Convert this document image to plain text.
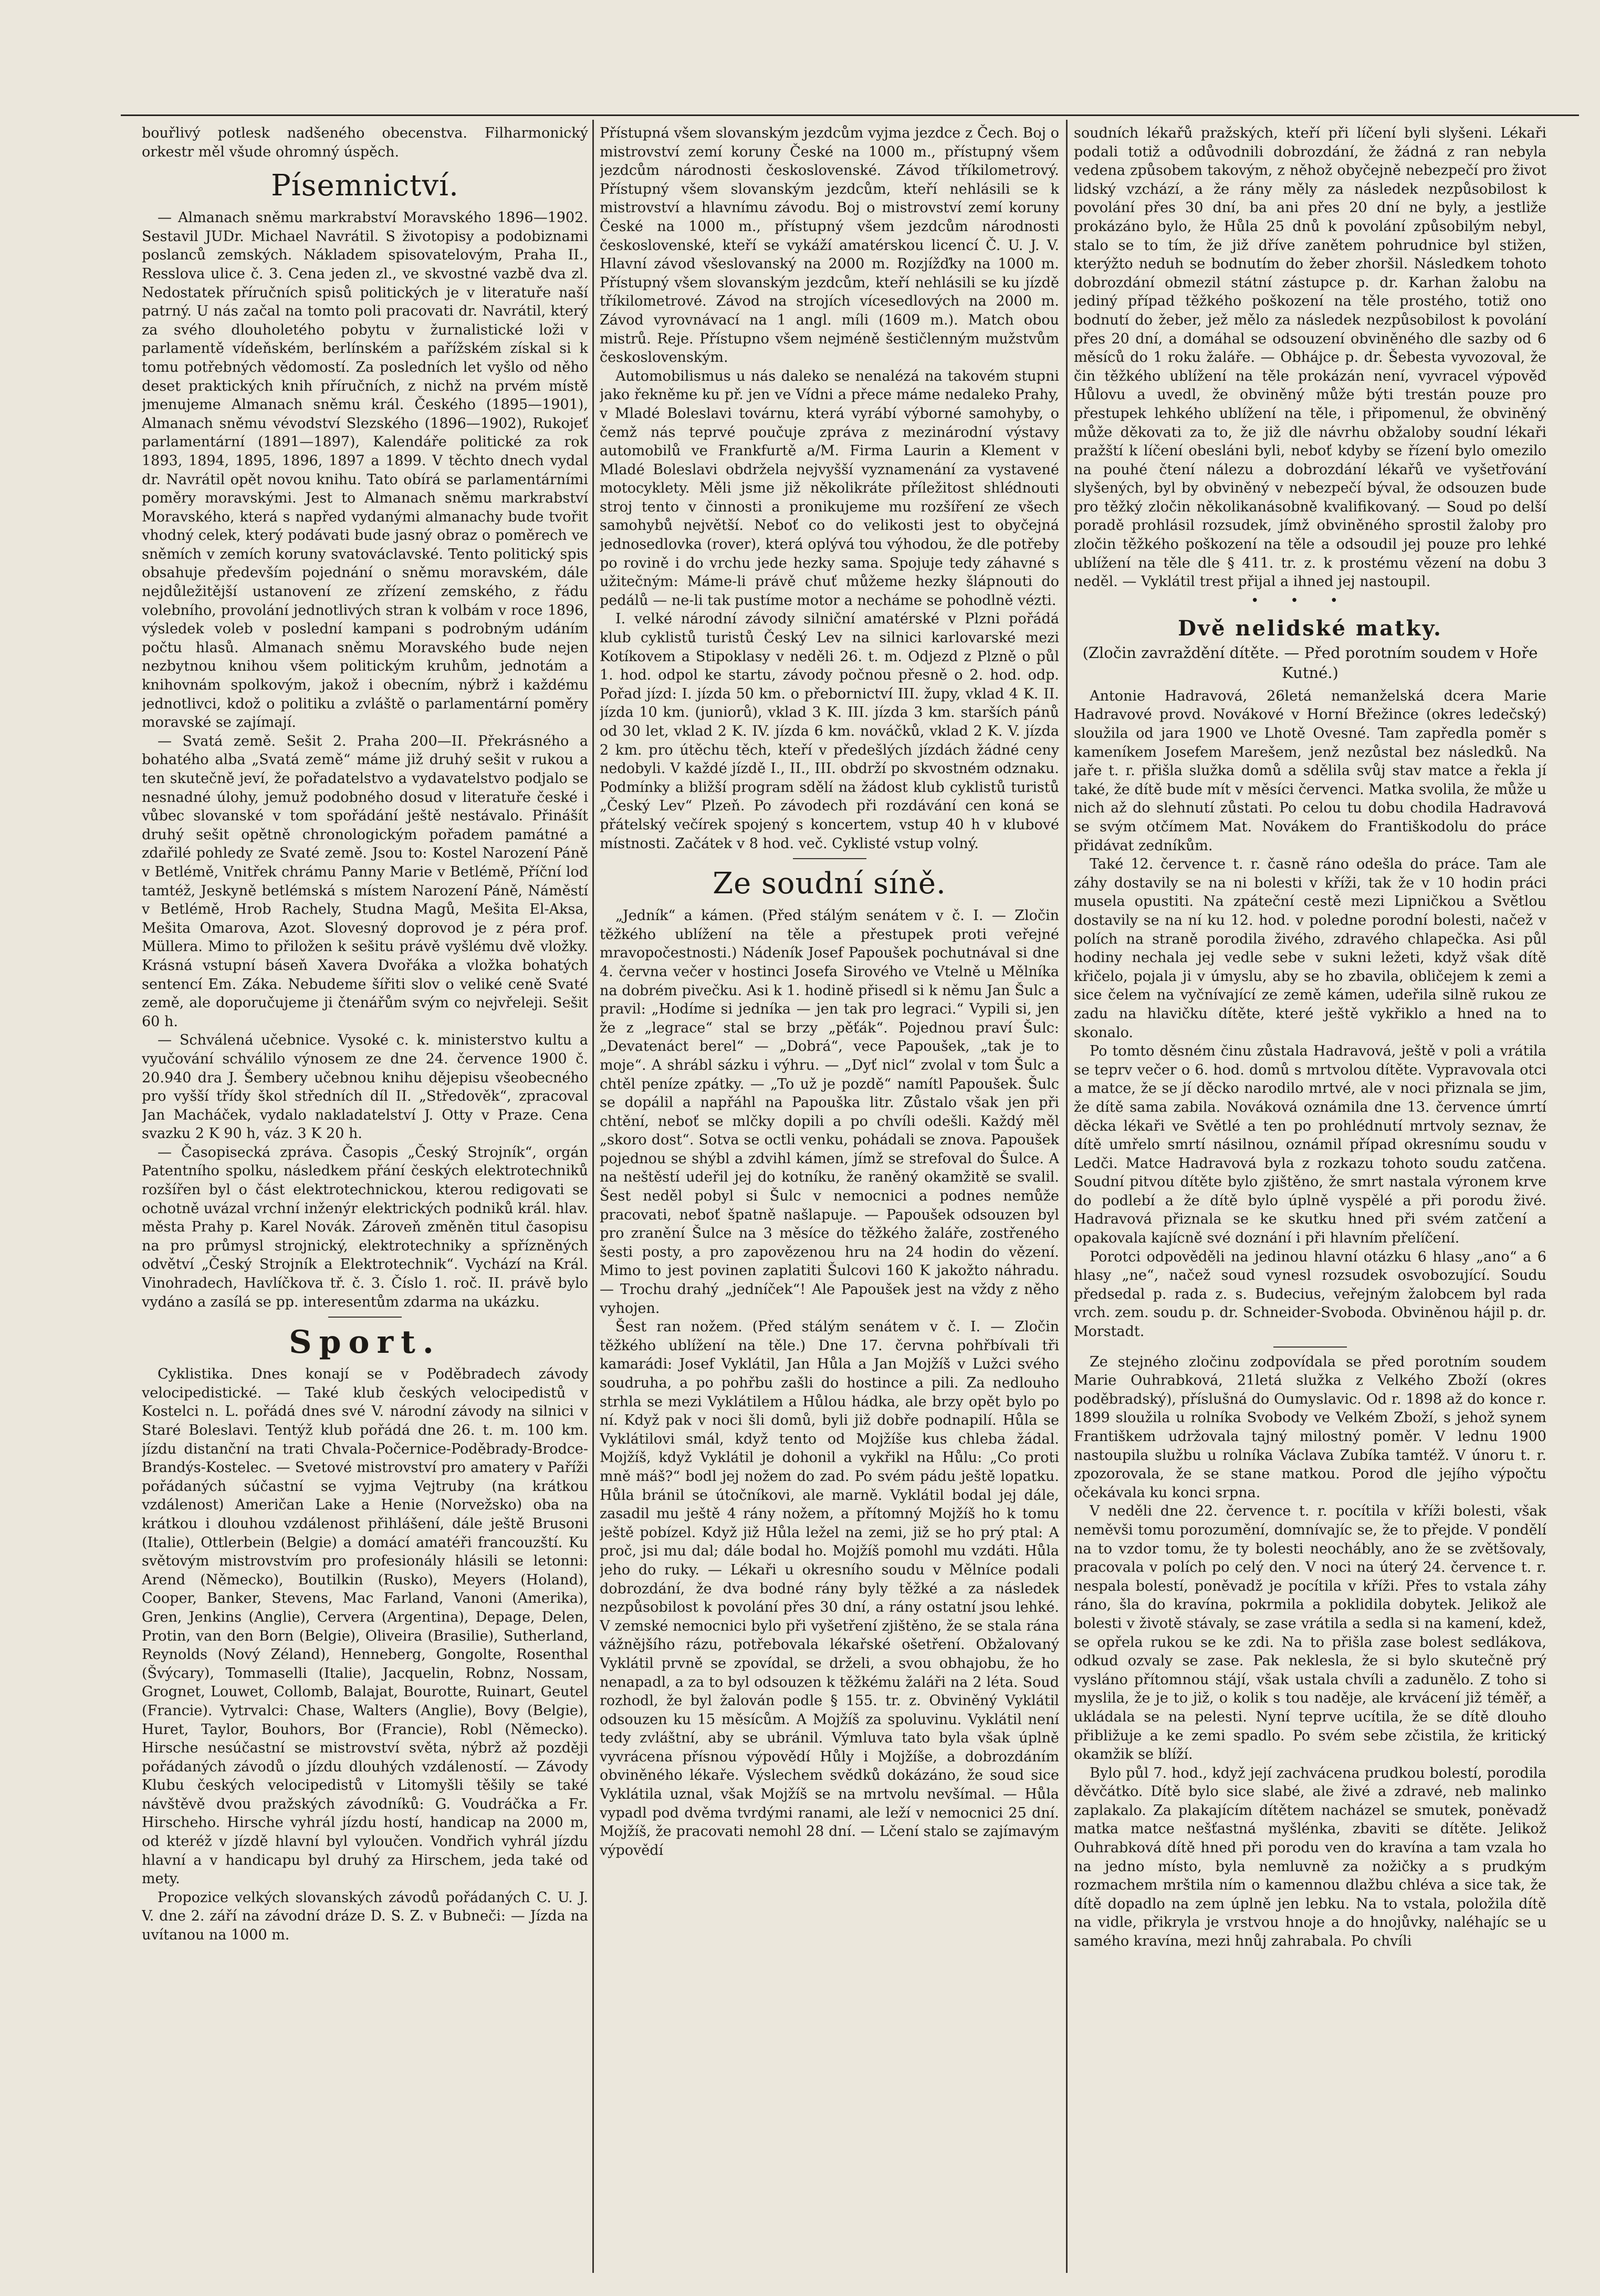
bouřlivý potlesk nadšeného obecenstva. Filharmonický orkestr měl všude ohromný úspěch.

Písemnictví.

— Almanach sněmu markrabství Moravského 1896—1902. Sestavil JUDr. Michael Navrátil. S životopisy a podobiznami poslanců zemských. Nákladem spisovatelovým, Praha II., Resslova ulice č. 3. Cena jeden zl., ve skvostné vazbě dva zl. Nedostatek příručních spisů politických je v literatuře naší patrný. U nás začal na tomto poli pracovati dr. Navrátil, který za svého dlouholetého pobytu v žurnalistické loži v parlamentě vídeňském, berlínském a pařížském získal si k tomu potřebných vědomostí. Za posledních let vyšlo od něho deset praktických knih příručních, z nichž na prvém místě jmenujeme Almanach sněmu král. Českého (1895—1901), Almanach sněmu vévodství Slezského (1896—1902), Rukojeť parlamentární (1891—1897), Kalendáře politické za rok 1893, 1894, 1895, 1896, 1897 a 1899. V těchto dnech vydal dr. Navrátil opět novou knihu. Tato obírá se parlamentárními poměry moravskými. Jest to Almanach sněmu markrabství Moravského, která s napřed vydanými almanachy bude tvořit vhodný celek, který podávati bude jasný obraz o poměrech ve sněmích v zemích koruny svatováclavské. Tento politický spis obsahuje především pojednání o sněmu moravském, dále nejdůležitější ustanovení ze zřízení zemského, z řádu volebního, provolání jednotlivých stran k volbám v roce 1896, výsledek voleb v poslední kampani s podrobným udáním počtu hlasů. Almanach sněmu Moravského bude nejen nezbytnou knihou všem politickým kruhům, jednotám a knihovnám spolkovým, jakož i obecním, nýbrž i každému jednotlivci, kdož o politiku a zvláště o parlamentární poměry moravské se zajímají.

— Svatá země. Sešit 2. Praha 200—II. Překrásného a bohatého alba „Svatá země“ máme již druhý sešit v rukou a ten skutečně jeví, že pořadatelstvo a vydavatelstvo podjalo se nesnadné úlohy, jemuž podobného dosud v literatuře české i vůbec slovanské v tom spořádání ještě nestávalo. Přinášít druhý sešit opětně chronologickým pořadem památné a zdařilé pohledy ze Svaté země. Jsou to: Kostel Narození Páně v Betlémě, Vnitřek chrámu Panny Marie v Betlémě, Příční loď tamtéž, Jeskyně betlémská s místem Narození Páně, Náměstí v Betlémě, Hrob Rachely, Studna Magů, Mešita El-Aksa, Mešita Omarova, Azot. Slovesný doprovod je z péra prof. Müllera. Mimo to přiložen k sešitu právě vyšlému dvě vložky. Krásná vstupní báseň Xavera Dvořáka a vložka bohatých sentencí Em. Záka. Nebudeme šířiti slov o veliké ceně Svaté země, ale doporučujeme ji čtenářům svým co nejvřeleji. Sešit 60 h.

— Schválená učebnice. Vysoké c. k. ministerstvo kultu a vyučování schválilo výnosem ze dne 24. července 1900 č. 20.940 dra J. Šembery učebnou knihu dějepisu všeobecného pro vyšší třídy škol středních díl II. „Středověk“, zpracoval Jan Macháček, vydalo nakladatelství J. Otty v Praze. Cena svazku 2 K 90 h, váz. 3 K 20 h.

— Časopisecká zpráva. Časopis „Český Strojník“, orgán Patentního spolku, následkem přání českých elektrotechniků rozšířen byl o část elektrotechnickou, kterou redigovati se ochotně uvázal vrchní inženýr elektrických podniků král. hlav. města Prahy p. Karel Novák. Zároveň změněn titul časopisu na pro průmysl strojnický, elektrotechniky a spřízněných odvětví „Český Strojník a Elektrotechnik“. Vychází na Král. Vinohradech, Havlíčkova tř. č. 3. Číslo 1. roč. II. právě bylo vydáno a zasílá se pp. interesentům zdarma na ukázku.

Sport.

Cyklistika. Dnes konají se v Poděbradech závody velocipedistické. — Také klub českých velocipedistů v Kostelci n. L. pořádá dnes své V. národní závody na silnici v Staré Boleslavi. Tentýž klub pořádá dne 26. t. m. 100 km. jízdu distanční na trati Chvala-Počernice-Poděbrady-Brodce-Brandýs-Kostelec. — Svetové mistrovství pro amatery v Paříži pořádaných súčastní se vyjma Vejtruby (na krátkou vzdálenost) Američan Lake a Henie (Norvežsko) oba na krátkou i dlouhou vzdálenost přihlášení, dále ještě Brusoni (Italie), Ottlerbein (Belgie) a domácí amatéři francouzští. Ku světovým mistrovstvím pro profesionály hlásili se letonni: Arend (Německo), Boutilkin (Rusko), Meyers (Holand), Cooper, Banker, Stevens, Mac Farland, Vanoni (Amerika), Gren, Jenkins (Anglie), Cervera (Argentina), Depage, Delen, Protin, van den Born (Belgie), Oliveira (Brasilie), Sutherland, Reynolds (Nový Zéland), Henneberg, Gongolte, Rosenthal (Švýcary), Tommaselli (Italie), Jacquelin, Robnz, Nossam, Grognet, Louwet, Collomb, Balajat, Bourotte, Ruinart, Geutel (Francie). Vytrvalci: Chase, Walters (Anglie), Bovy (Belgie), Huret, Taylor, Bouhors, Bor (Francie), Robl (Německo). Hirsche nesúčastní se mistrovství světa, nýbrž až později pořádaných závodů o jízdu dlouhých vzdáleností. — Závody Klubu českých velocipedistů v Litomyšli těšily se také návštěvě dvou pražských závodníků: G. Voudráčka a Fr. Hirscheho. Hirsche vyhrál jízdu hostí, handicap na 2000 m, od kteréž v jízdě hlavní byl vyloučen. Vondřich vyhrál jízdu hlavní a v handicapu byl druhý za Hirschem, jeda také od mety.

Propozice velkých slovanských závodů pořádaných C. U. J. V. dne 2. září na závodní dráze D. S. Z. v Bubneči: — Jízda na uvítanou na 1000 m.

Přístupná všem slovanským jezdcům vyjma jezdce z Čech. Boj o mistrovství zemí koruny České na 1000 m., přístupný všem jezdcům národnosti československé. Závod tříkilometrový. Přístupný všem slovanským jezdcům, kteří nehlásili se k mistrovství a hlavnímu závodu. Boj o mistrovství zemí koruny České na 1000 m., přístupný všem jezdcům národnosti československé, kteří se vykáží amatérskou licencí Č. U. J. V. Hlavní závod všeslovanský na 2000 m. Rozjížďky na 1000 m. Přístupný všem slovanským jezdcům, kteří nehlásili se ku jízdě tříkilometrové. Závod na strojích vícesedlových na 2000 m. Závod vyrovnávací na 1 angl. míli (1609 m.). Match obou mistrů. Reje. Přístupno všem nejméně šestičlenným mužstvům československým.

Automobilismus u nás daleko se nenalézá na takovém stupni jako řekněme ku př. jen ve Vídni a přece máme nedaleko Prahy, v Mladé Boleslavi továrnu, která vyrábí výborné samohyby, o čemž nás teprvé poučuje zpráva z mezinárodní výstavy automobilů ve Frankfurtě a/M. Firma Laurin a Klement v Mladé Boleslavi obdržela nejvyšší vyznamenání za vystavené motocyklety. Měli jsme již několikráte příležitost shlédnouti stroj tento v činnosti a pronikujeme mu rozšíření ze všech samohybů největší. Neboť co do velikosti jest to obyčejná jednosedlovka (rover), která oplývá tou výhodou, že dle potřeby po rovině i do vrchu jede hezky sama. Spojuje tedy záhavné s užitečným: Máme-li právě chuť můžeme hezky šlápnouti do pedálů — ne-li tak pustíme motor a necháme se pohodlně vézti.

I. velké národní závody silniční amatérské v Plzni pořádá klub cyklistů turistů Český Lev na silnici karlovarské mezi Kotíkovem a Stipoklasy v neděli 26. t. m. Odjezd z Plzně o půl 1. hod. odpol ke startu, závody počnou přesně o 2. hod. odp. Pořad jízd: I. jízda 50 km. o přebornictví III. župy, vklad 4 K. II. jízda 10 km. (juniorů), vklad 3 K. III. jízda 3 km. starších pánů od 30 let, vklad 2 K. IV. jízda 6 km. nováčků, vklad 2 K. V. jízda 2 km. pro útěchu těch, kteří v předešlých jízdách žádné ceny nedobyli. V každé jízdě I., II., III. obdrží po skvostném odznaku. Podmínky a bližší program sdělí na žádost klub cyklistů turistů „Český Lev“ Plzeň. Po závodech při rozdávání cen koná se přátelský večírek spojený s koncertem, vstup 40 h v klubové místnosti. Začátek v 8 hod. več. Cyklisté vstup volný.

Ze soudní síně.

„Jedník“ a kámen. (Před stálým senátem v č. I. — Zločin těžkého ublížení na těle a přestupek proti veřejné mravopočestnosti.) Nádeník Josef Papoušek pochutnával si dne 4. června večer v hostinci Josefa Sirového ve Vtelně u Mělníka na dobrém pivečku. Asi k 1. hodině přisedl si k němu Jan Šulc a pravil: „Hodíme si jedníka — jen tak pro legraci.“ Vypili si, jen že z „legrace“ stal se brzy „pěťák“. Pojednou praví Šulc: „Devatenáct berel“ — „Dobrá“, vece Papoušek, „tak je to moje“. A shrábl sázku i výhru. — „Dyť nicl“ zvolal v tom Šulc a chtěl peníze zpátky. — „To už je pozdě“ namítl Papoušek. Šulc se dopálil a napřáhl na Papouška litr. Zůstalo však jen při chtění, neboť se mlčky dopili a po chvíli odešli. Každý měl „skoro dost“. Sotva se octli venku, pohádali se znova. Papoušek pojednou se shýbl a zdvihl kámen, jímž se strefoval do Šulce. A na neštěstí udeřil jej do kotníku, že raněný okamžitě se svalil. Šest neděl pobyl si Šulc v nemocnici a podnes nemůže pracovati, neboť špatně našlapuje. — Papoušek odsouzen byl pro zranění Šulce na 3 měsíce do těžkého žaláře, zostřeného šesti posty, a pro zapovězenou hru na 24 hodin do vězení. Mimo to jest povinen zaplatiti Šulcovi 160 K jakožto náhradu. — Trochu drahý „jedníček“! Ale Papoušek jest na vždy z něho vyhojen.

Šest ran nožem. (Před stálým senátem v č. I. — Zločin těžkého ublížení na těle.) Dne 17. června pohřbívali tři kamarádi: Josef Vyklátil, Jan Hůla a Jan Mojžíš v Lužci svého soudruha, a po pohřbu zašli do hostince a pili. Za nedlouho strhla se mezi Vyklátilem a Hůlou hádka, ale brzy opět bylo po ní. Když pak v noci šli domů, byli již dobře podnapilí. Hůla se Vyklátilovi smál, když tento od Mojžíše kus chleba žádal. Mojžíš, když Vyklátil je dohonil a vykřikl na Hůlu: „Co proti mně máš?“ bodl jej nožem do zad. Po svém pádu ještě lopatku. Hůla bránil se útočníkovi, ale marně. Vyklátil bodal jej dále, zasadil mu ještě 4 rány nožem, a přítomný Mojžíš ho k tomu ještě pobízel. Když již Hůla ležel na zemi, již se ho prý ptal: A proč, jsi mu dal; dále bodal ho. Mojžíš pomohl mu vzdáti. Hůla jeho do ruky. — Lékaři u okresního soudu v Mělníce podali dobrozdání, že dva bodné rány byly těžké a za následek nezpůsobilost k povolání přes 30 dní, a rány ostatní jsou lehké. V zemské nemocnici bylo při vyšetření zjištěno, že se stala rána vážnějšího rázu, potřebovala lékařské ošetření. Obžalovaný Vyklátil prvně se zpovídal, se drželi, a svou obhajobu, že ho nenapadl, a za to byl odsouzen k těžkému žaláři na 2 léta. Soud rozhodl, že byl žalován podle § 155. tr. z. Obviněný Vyklátil odsouzen ku 15 měsícům. A Mojžíš za spoluvinu. Vyklátil není tedy zvláštní, aby se ubránil. Výmluva tato byla však úplně vyvrácena přísnou výpovědí Hůly i Mojžíše, a dobrozdáním obviněného lékaře. Výslechem svědků dokázáno, že soud sice Vyklátila uznal, však Mojžíš se na mrtvolu nevšímal. — Hůla vypadl pod dvěma tvrdými ranami, ale leží v nemocnici 25 dní. Mojžíš, že pracovati nemohl 28 dní. — Lčení stalo se zajímavým výpovědí

soudních lékařů pražských, kteří při líčení byli slyšeni. Lékaři podali totiž a odůvodnili dobrozdání, že žádná z ran nebyla vedena způsobem takovým, z něhož obyčejně nebezpečí pro život lidský vzchází, a že rány měly za následek nezpůsobilost k povolání přes 30 dní, ba ani přes 20 dní ne byly, a jestliže prokázáno bylo, že Hůla 25 dnů k povolání způsobilým nebyl, stalo se to tím, že již dříve zanětem pohrudnice byl stižen, kterýžto neduh se bodnutím do žeber zhoršil. Následkem tohoto dobrozdání obmezil státní zástupce p. dr. Karhan žalobu na jediný případ těžkého poškození na těle prostého, totiž ono bodnutí do žeber, jež mělo za následek nezpůsobilost k povolání přes 20 dní, a domáhal se odsouzení obviněného dle sazby od 6 měsíců do 1 roku žaláře. — Obhájce p. dr. Šebesta vyvozoval, že čin těžkého ublížení na těle prokázán není, vyvracel výpověď Hůlovu a uvedl, že obviněný může býti trestán pouze pro přestupek lehkého ublížení na těle, i připomenul, že obviněný může děkovati za to, že již dle návrhu obžaloby soudní lékaři pražští k líčení obesláni byli, neboť kdyby se řízení bylo omezilo na pouhé čtení nálezu a dobrozdání lékařů ve vyšetřování slyšených, byl by obviněný v nebezpečí býval, že odsouzen bude pro těžký zločin několikanásobně kvalifikovaný. — Soud po delší poradě prohlásil rozsudek, jímž obviněného sprostil žaloby pro zločin těžkého poškození na těle a odsoudil jej pouze pro lehké ublížení na těle dle § 411. tr. z. k prostému vězení na dobu 3 neděl. — Vyklátil trest přijal a ihned jej nastoupil.

•••
Dvě nelidské matky.

(Zločin zavraždění dítěte. — Před porotním soudem v Hoře Kutné.)

Antonie Hadravová, 26letá nemanželská dcera Marie Hadravové provd. Novákové v Horní Břežince (okres ledečský) sloužila od jara 1900 ve Lhotě Ovesné. Tam zapředla poměr s kameníkem Josefem Marešem, jenž nezůstal bez následků. Na jaře t. r. přišla služka domů a sdělila svůj stav matce a řekla jí také, že dítě bude mít v měsíci červenci. Matka svolila, že může u nich až do slehnutí zůstati. Po celou tu dobu chodila Hadravová se svým otčímem Mat. Novákem do Františkodolu do práce přidávat zedníkům.

Také 12. července t. r. časně ráno odešla do práce. Tam ale záhy dostavily se na ni bolesti v kříži, tak že v 10 hodin práci musela opustiti. Na zpáteční cestě mezi Lipničkou a Světlou dostavily se na ní ku 12. hod. v poledne porodní bolesti, načež v polích na straně porodila živého, zdravého chlapečka. Asi půl hodiny nechala jej vedle sebe v sukni ležeti, když však dítě křičelo, pojala ji v úmyslu, aby se ho zbavila, obličejem k zemi a sice čelem na vyčnívající ze země kámen, udeřila silně rukou ze zadu na hlavičku dítěte, které ještě vykřiklo a hned na to skonalo.

Po tomto děsném činu zůstala Hadravová, ještě v poli a vrátila se teprv večer o 6. hod. domů s mrtvolou dítěte. Vypravovala otci a matce, že se jí děcko narodilo mrtvé, ale v noci přiznala se jim, že dítě sama zabila. Nováková oznámila dne 13. července úmrtí děcka lékaři ve Světlé a ten po prohlédnutí mrtvoly seznav, že dítě umřelo smrtí násilnou, oznámil případ okresnímu soudu v Ledči. Matce Hadravová byla z rozkazu tohoto soudu zatčena. Soudní pitvou dítěte bylo zjištěno, že smrt nastala výronem krve do podlebí a že dítě bylo úplně vyspělé a při porodu živé. Hadravová přiznala se ke skutku hned při svém zatčení a opakovala kajícně své doznání i při hlavním přelíčení.

Porotci odpověděli na jedinou hlavní otázku 6 hlasy „ano“ a 6 hlasy „ne“, načež soud vynesl rozsudek osvobozující. Soudu předsedal p. rada z. s. Budecius, veřejným žalobcem byl rada vrch. zem. soudu p. dr. Schneider-Svoboda. Obviněnou hájil p. dr. Morstadt.

Ze stejného zločinu zodpovídala se před porotním soudem Marie Ouhrabková, 21letá služka z Velkého Zboží (okres poděbradský), příslušná do Oumyslavic. Od r. 1898 až do konce r. 1899 sloužila u rolníka Svobody ve Velkém Zboží, s jehož synem Františkem udržovala tajný milostný poměr. V lednu 1900 nastoupila službu u rolníka Václava Zubíka tamtéž. V únoru t. r. zpozorovala, že se stane matkou. Porod dle jejího výpočtu očekávala ku konci srpna.

V neděli dne 22. července t. r. pocítila v kříži bolesti, však neměvši tomu porozumění, domnívajíc se, že to přejde. V pondělí na to vzdor tomu, že ty bolesti neochábly, ano že se zvětšovaly, pracovala v polích po celý den. V noci na úterý 24. července t. r. nespala bolestí, poněvadž je pocítila v kříži. Přes to vstala záhy ráno, šla do kravína, pokrmila a poklidila dobytek. Jelikož ale bolesti v životě stávaly, se zase vrátila a sedla si na kamení, kdež, se opřela rukou se ke zdi. Na to přišla zase bolest sedlákova, odkud ozvaly se zase. Pak neklesla, že si bylo skutečně prý vysláno přítomnou stájí, však ustala chvíli a zadunělo. Z toho si myslila, že je to již, o kolik s tou naděje, ale krvácení již téměř, a ukládala se na pelesti. Nyní teprve ucítila, že se dítě dlouho přibližuje a ke zemi spadlo. Po svém sebe zčistila, že kritický okamžik se blíží.

Bylo půl 7. hod., když její zachvácena prudkou bolestí, porodila děvčátko. Dítě bylo sice slabé, ale živé a zdravé, neb malinko zaplakalo. Za plakajícím dítětem nacházel se smutek, poněvadž matka matce nešťastná myšlénka, zbaviti se dítěte. Jelikož Ouhrabková dítě hned při porodu ven do kravína a tam vzala ho na jedno místo, byla nemluvně za nožičky a s prudkým rozmachem mrštila ním o kamennou dlažbu chléva a sice tak, že dítě dopadlo na zem úplně jen lebku. Na to vstala, položila dítě na vidle, přikryla je vrstvou hnoje a do hnojůvky, naléhajíc se u samého kravína, mezi hnůj zahrabala. Po chvíli
